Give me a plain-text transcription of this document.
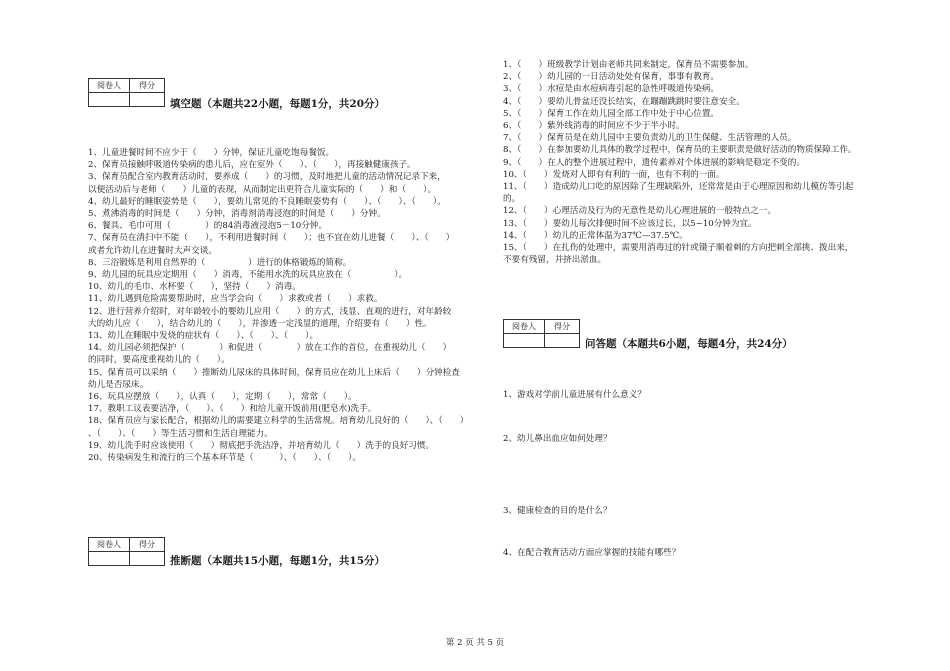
阅卷人	得分

填空题（本题共22小题，每题1分，共20分）
1、儿童进餐时间不应少于（　　）分钟，保证儿童吃饱每餐饭。
2、保育员接触呼吸道传染病的患儿后，应在室外（　　）、（　　），再接触健康孩子。
3、保育员配合室内教育活动时，要养成（　　）的习惯，及时地把儿童的活动情况记录下来，
以便活动后与老师（　　）儿童的表现，从而制定出更符合儿童实际的（　　）和（　　）。
4、幼儿最好的睡眠姿势是（　　），要幼儿常见的不良睡眠姿势有（　　）、（　　）、（　　）。
5、煮沸消毒的时间是（　　）分钟，消毒剂消毒浸泡的时间是（　　）分钟。
6、餐具、毛巾可用（　　　　）的84消毒液浸泡5－10分钟。
7、保育员在清扫中不能（　　），不利用进餐时间（　　）；也不宜在幼儿进餐（　　）、（　　）
或者允许幼儿在进餐时大声交谈。
8、三浴锻炼是利用自然界的（　　　　　）进行的体格锻炼的简称。
9、幼儿园的玩具应定期用（　　）消毒，不能用水洗的玩具应放在（　　　　　）。
10、幼儿的毛巾、水杯要（　　），坚持（　　）消毒。
11、幼儿遇到危险需要帮助时，应当学会向（　　）求救或者（　　）求救。
12、进行营养介绍时，对年龄较小的婴幼儿应用（　　）的方式，浅显、直观的进行，对年龄较
大的幼儿应（　　），结合幼儿的（　　），并渗透一定浅显的道理，介绍要有（　　）性。
13、幼儿在睡眠中发烧的症状有（　　）、（　　）、（　　）。
14、幼儿园必须把保护（　　　　）和促进（　　　　）放在工作的首位，在重视幼儿（　　）
的同时，要高度重视幼儿的（　　）。
15、保育员可以采纳（　　）推断幼儿尿床的具体时间，保育员应在幼儿上床后（　　）分钟检查
幼儿是否尿床。
16、玩具应摆放（　　），认真（　　），定期（　　），常常（　　）。
17、教职工议表要洁净，（　　）、（　　）和给儿童开饭前用(肥皂水)洗手。
18、保育员应与家长配合，根据幼儿的需要建立科学的生活常规。培育幼儿良好的（　　）、（　　）
、（　　）、（　　）等生活习惯和生活自理能力。
19、幼儿洗手时应该使用（　　）彻底把手洗洁净，并培育幼儿（　　）洗手的良好习惯。
20、传染病发生和流行的三个基本环节是（　　　）、（　　）、（　　）。
阅卷人	得分

推断题（本题共15小题，每题1分，共15分）
1、（　　）班级教学计划由老师共同来制定，保育员不需要参加。
2、（　　）幼儿园的一日活动处处有保育，事事有教育。
3、（　　）水痘是由水痘病毒引起的急性呼吸道传染病。
4、（　　）要幼儿骨盆还没长结实，在蹦蹦跳跳时要注意安全。
5、（　　）保育工作在幼儿园全部工作中处于中心位置。
6、（　　）紫外线消毒的时间应不少于半小时。
7、（　　）保育员是在幼儿园中主要负责幼儿的卫生保健、生活管理的人员。
8、（　　）在参加要幼儿具体的教学过程中，保育员的主要职责是做好活动的物质保障工作。
9、（　　）在人的整个进展过程中，遗传素养对个体进展的影响是稳定不变的。
10、（　　）发烧对人即有有利的一面，也有不利的一面。
11、（　　）造成幼儿口吃的原因除了生理缺陷外，还常常是由于心理原因和幼儿模仿等引起
的。
12、（　　）心理活动及行为的无意性是幼儿心理进展的一般特点之一。
13、（　　）要幼儿每次排便时间不应该过长，以5~10分钟为宜。
14、（　　）幼儿的正常体温为37℃—37.5℃。
15、（　　）在扎伤的处理中，需要用消毒过的针或镊子顺着刺的方向把刺全部挑、拨出来，
不要有残留，并挤出淤血。
阅卷人	得分

问答题（本题共6小题，每题4分，共24分）
1、游戏对学前儿童进展有什么意义？
2、幼儿鼻出血应如何处理？
3、健康检查的目的是什么？
4、在配合教育活动方面应掌握的技能有哪些？
第 2 页 共 5 页
